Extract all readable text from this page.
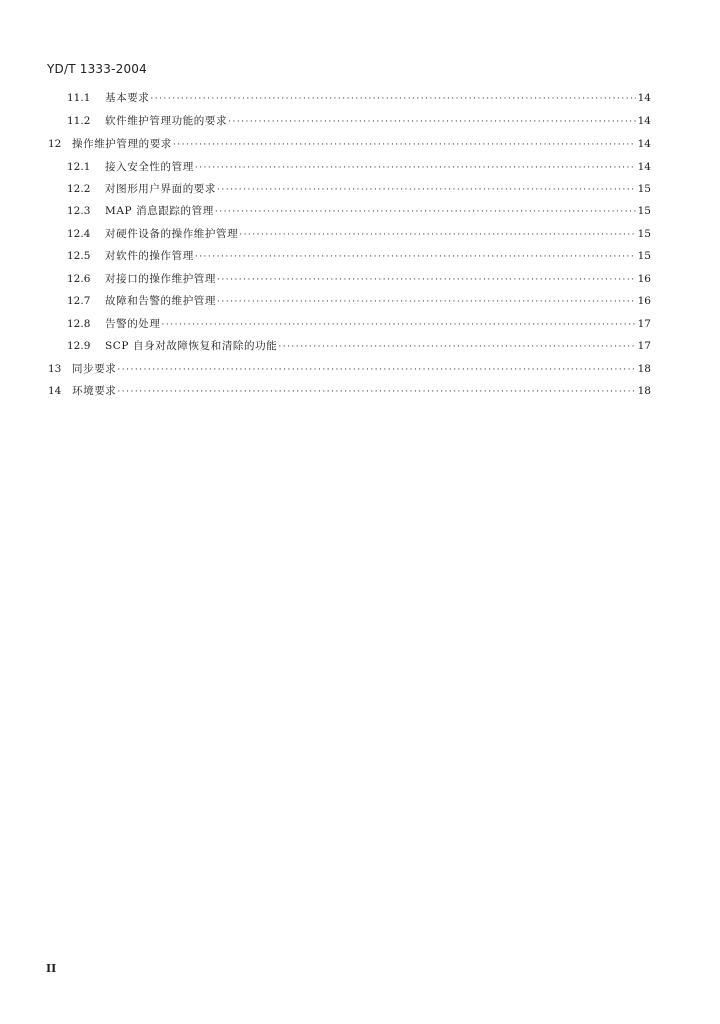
YD/T 1333-2004
11.1	基本要求 ·····	14
11.2	软件维护管理功能的要求 ·····	14
12	操作维护管理的要求 ·····	14
12.1	接入安全性的管理 ·····	14
12.2	对图形用户界面的要求 ·····	15
12.3	MAP 消息跟踪的管理 ·····	15
12.4	对硬件设备的操作维护管理 ·····	15
12.5	对软件的操作管理 ·····	15
12.6	对接口的操作维护管理 ·····	16
12.7	故障和告警的维护管理 ·····	16
12.8	告警的处理 ·····	17
12.9	SCP 自身对故障恢复和清除的功能 ·····	17
13	同步要求 ·····	18
14	环境要求 ·····	18
II
